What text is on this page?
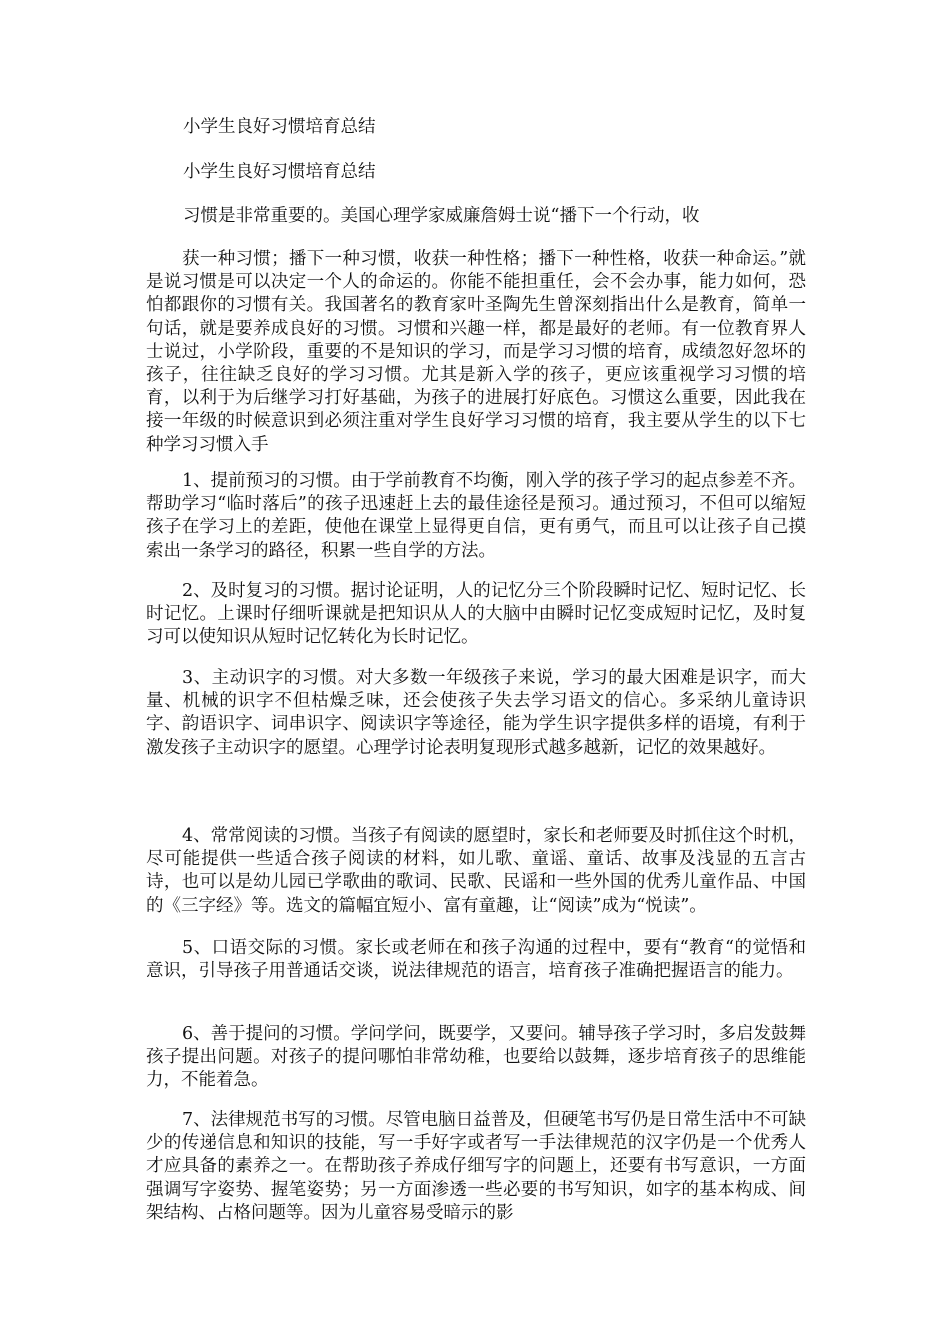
小学生良好习惯培育总结

小学生良好习惯培育总结

习惯是非常重要的。美国心理学家威廉詹姆士说“播下一个行动，收

获一种习惯；播下一种习惯，收获一种性格；播下一种性格，收获一种命运。”就是说习惯是可以决定一个人的命运的。你能不能担重任，会不会办事，能力如何，恐怕都跟你的习惯有关。我国著名的教育家叶圣陶先生曾深刻指出什么是教育，简单一句话，就是要养成良好的习惯。习惯和兴趣一样，都是最好的老师。有一位教育界人士说过，小学阶段，重要的不是知识的学习，而是学习习惯的培育，成绩忽好忽坏的孩子，往往缺乏良好的学习习惯。尤其是新入学的孩子，更应该重视学习习惯的培育，以利于为后继学习打好基础，为孩子的进展打好底色。习惯这么重要，因此我在接一年级的时候意识到必须注重对学生良好学习习惯的培育，我主要从学生的以下七种学习习惯入手

1、提前预习的习惯。由于学前教育不均衡，刚入学的孩子学习的起点参差不齐。帮助学习“临时落后”的孩子迅速赶上去的最佳途径是预习。通过预习，不但可以缩短孩子在学习上的差距，使他在课堂上显得更自信，更有勇气，而且可以让孩子自己摸索出一条学习的路径，积累一些自学的方法。

2、及时复习的习惯。据讨论证明，人的记忆分三个阶段瞬时记忆、短时记忆、长时记忆。上课时仔细听课就是把知识从人的大脑中由瞬时记忆变成短时记忆，及时复习可以使知识从短时记忆转化为长时记忆。

3、主动识字的习惯。对大多数一年级孩子来说，学习的最大困难是识字，而大量、机械的识字不但枯燥乏味，还会使孩子失去学习语文的信心。多采纳儿童诗识字、韵语识字、词串识字、阅读识字等途径，能为学生识字提供多样的语境，有利于激发孩子主动识字的愿望。心理学讨论表明复现形式越多越新，记忆的效果越好。

4、常常阅读的习惯。当孩子有阅读的愿望时，家长和老师要及时抓住这个时机，尽可能提供一些适合孩子阅读的材料，如儿歌、童谣、童话、故事及浅显的五言古诗，也可以是幼儿园已学歌曲的歌词、民歌、民谣和一些外国的优秀儿童作品、中国的《三字经》等。选文的篇幅宜短小、富有童趣，让“阅读”成为“悦读”。

5、口语交际的习惯。家长或老师在和孩子沟通的过程中，要有“教育“的觉悟和意识，引导孩子用普通话交谈，说法律规范的语言，培育孩子准确把握语言的能力。

6、善于提问的习惯。学问学问，既要学，又要问。辅导孩子学习时，多启发鼓舞孩子提出问题。对孩子的提问哪怕非常幼稚，也要给以鼓舞，逐步培育孩子的思维能力，不能着急。

7、法律规范书写的习惯。尽管电脑日益普及，但硬笔书写仍是日常生活中不可缺少的传递信息和知识的技能，写一手好字或者写一手法律规范的汉字仍是一个优秀人才应具备的素养之一。在帮助孩子养成仔细写字的问题上，还要有书写意识，一方面强调写字姿势、握笔姿势；另一方面渗透一些必要的书写知识，如字的基本构成、间架结构、占格问题等。因为儿童容易受暗示的影
